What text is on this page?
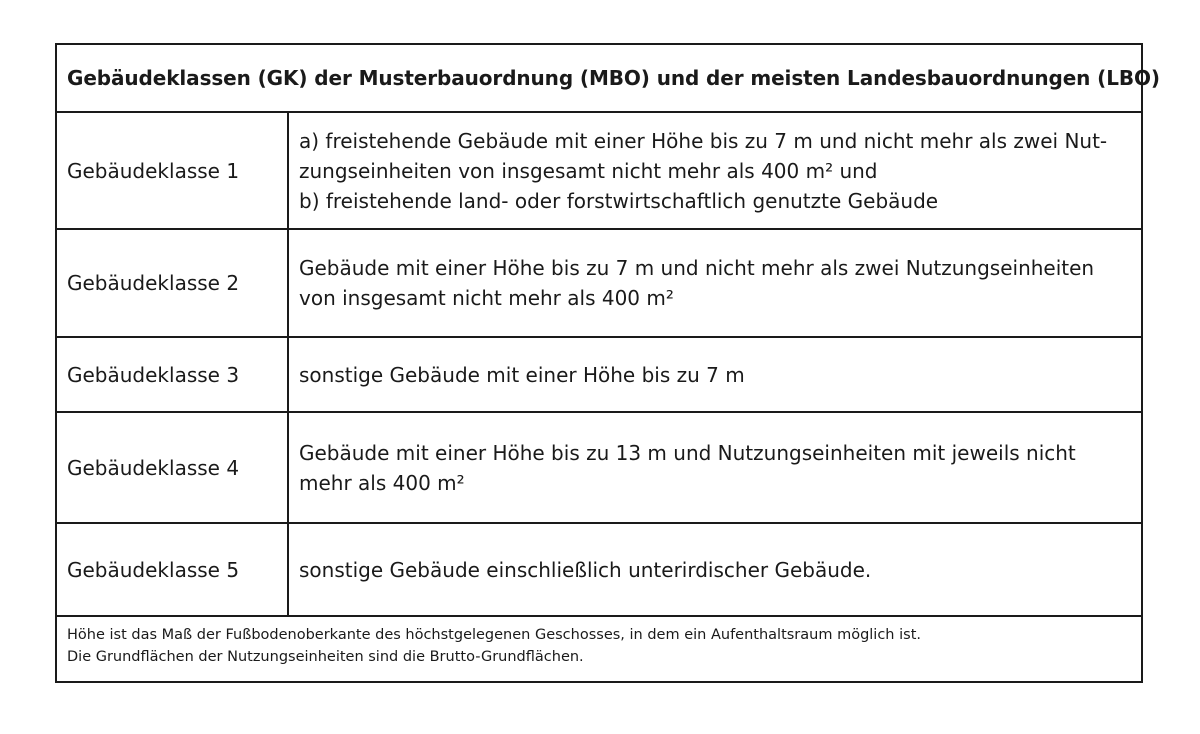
Gebäudeklassen (GK) der Musterbauordnung (MBO) und der meisten Landesbauordnungen (LBO)
Gebäudeklasse 1
a) freistehende Gebäude mit einer Höhe bis zu 7 m und nicht mehr als zwei Nut-
zungseinheiten von insgesamt nicht mehr als 400 m² und
b) freistehende land- oder forstwirtschaftlich genutzte Gebäude
Gebäudeklasse 2
Gebäude mit einer Höhe bis zu 7 m und nicht mehr als zwei Nutzungseinheiten
von insgesamt nicht mehr als 400 m²
Gebäudeklasse 3	sonstige Gebäude mit einer Höhe bis zu 7 m
Gebäudeklasse 4
Gebäude mit einer Höhe bis zu 13 m und Nutzungseinheiten mit jeweils nicht
mehr als 400 m²
Gebäudeklasse 5	sonstige Gebäude einschließlich unterirdischer Gebäude.
Höhe ist das Maß der Fußbodenoberkante des höchstgelegenen Geschosses, in dem ein Aufenthaltsraum möglich ist.
Die Grundflächen der Nutzungseinheiten sind die Brutto-Grundflächen.
